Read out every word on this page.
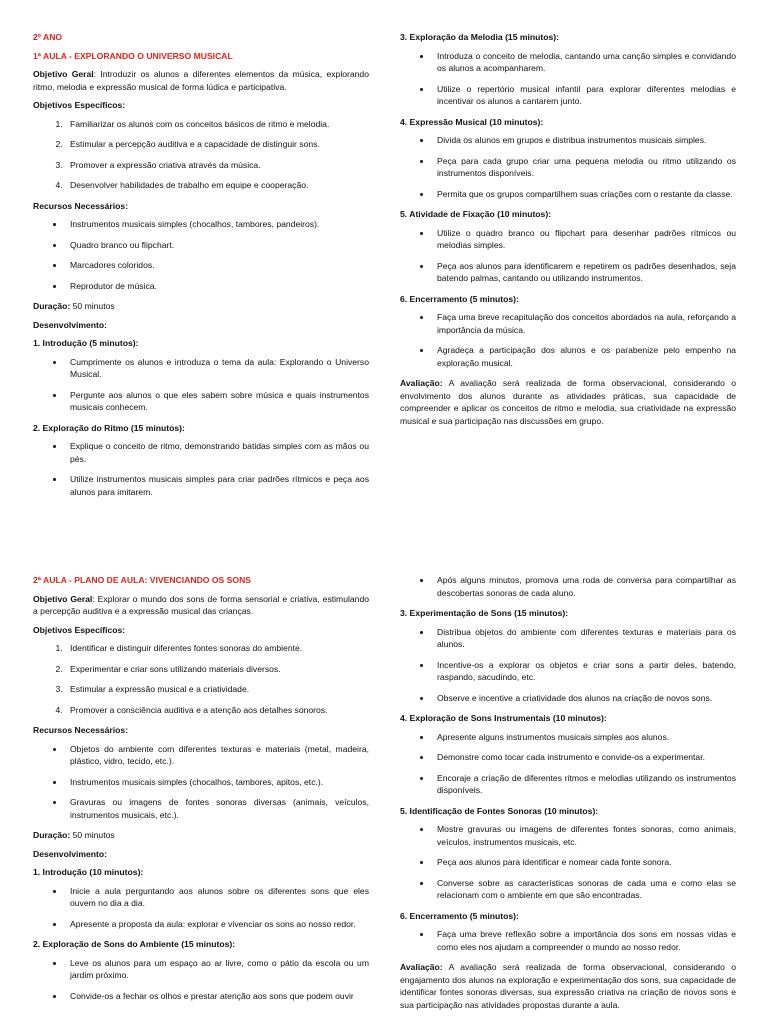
2º ANO

1ª AULA - EXPLORANDO O UNIVERSO MUSICAL

Objetivo Geral: Introduzir os alunos a diferentes elementos da música, explorando ritmo, melodia e expressão musical de forma lúdica e participativa.

Objetivos Específicos:

1. Familiarizar os alunos com os conceitos básicos de ritmo e melodia.
2. Estimular a percepção auditiva e a capacidade de distinguir sons.
3. Promover a expressão criativa através da música.
4. Desenvolver habilidades de trabalho em equipe e cooperação.

Recursos Necessários:

• Instrumentos musicais simples (chocalhos, tambores, pandeiros).
• Quadro branco ou flipchart.
• Marcadores coloridos.
• Reprodutor de música.

Duração: 50 minutos

Desenvolvimento:

1. Introdução (5 minutos):

• Cumprimente os alunos e introduza o tema da aula: Explorando o Universo Musical.
• Pergunte aos alunos o que eles sabem sobre música e quais instrumentos musicais conhecem.

2. Exploração do Ritmo (15 minutos):

• Explique o conceito de ritmo, demonstrando batidas simples com as mãos ou pés.
• Utilize instrumentos musicais simples para criar padrões rítmicos e peça aos alunos para imitarem.

3. Exploração da Melodia (15 minutos):

• Introduza o conceito de melodia, cantando uma canção simples e convidando os alunos a acompanharem.
• Utilize o repertório musical infantil para explorar diferentes melodias e incentivar os alunos a cantarem junto.

4. Expressão Musical (10 minutos):

• Divida os alunos em grupos e distribua instrumentos musicais simples.
• Peça para cada grupo criar uma pequena melodia ou ritmo utilizando os instrumentos disponíveis.
• Permita que os grupos compartilhem suas criações com o restante da classe.

5. Atividade de Fixação (10 minutos):

• Utilize o quadro branco ou flipchart para desenhar padrões rítmicos ou melodias simples.
• Peça aos alunos para identificarem e repetirem os padrões desenhados, seja batendo palmas, cantando ou utilizando instrumentos.

6. Encerramento (5 minutos):

• Faça uma breve recapitulação dos conceitos abordados na aula, reforçando a importância da música.
• Agradeça a participação dos alunos e os parabenize pelo empenho na exploração musical.

Avaliação: A avaliação será realizada de forma observacional, considerando o envolvimento dos alunos durante as atividades práticas, sua capacidade de compreender e aplicar os conceitos de ritmo e melodia, sua criatividade na expressão musical e sua participação nas discussões em grupo.

2ª AULA - PLANO DE AULA: VIVENCIANDO OS SONS

Objetivo Geral: Explorar o mundo dos sons de forma sensorial e criativa, estimulando a percepção auditiva e a expressão musical das crianças.

Objetivos Específicos:

1. Identificar e distinguir diferentes fontes sonoras do ambiente.
2. Experimentar e criar sons utilizando materiais diversos.
3. Estimular a expressão musical e a criatividade.
4. Promover a consciência auditiva e a atenção aos detalhes sonoros.

Recursos Necessários:

• Objetos do ambiente com diferentes texturas e materiais (metal, madeira, plástico, vidro, tecido, etc.).
• Instrumentos musicais simples (chocalhos, tambores, apitos, etc.).
• Gravuras ou imagens de fontes sonoras diversas (animais, veículos, instrumentos musicais, etc.).

Duração: 50 minutos

Desenvolvimento:

1. Introdução (10 minutos):

• Inicie a aula perguntando aos alunos sobre os diferentes sons que eles ouvem no dia a dia.
• Apresente a proposta da aula: explorar e vivenciar os sons ao nosso redor.

2. Exploração de Sons do Ambiente (15 minutos):

• Leve os alunos para um espaço ao ar livre, como o pátio da escola ou um jardim próximo.
• Convide-os a fechar os olhos e prestar atenção aos sons que podem ouvir
• Após alguns minutos, promova uma roda de conversa para compartilhar as descobertas sonoras de cada aluno.

3. Experimentação de Sons (15 minutos):

• Distribua objetos do ambiente com diferentes texturas e materiais para os alunos.
• Incentive-os a explorar os objetos e criar sons a partir deles, batendo, raspando, sacudindo, etc.
• Observe e incentive a criatividade dos alunos na criação de novos sons.

4. Exploração de Sons Instrumentais (10 minutos):

• Apresente alguns instrumentos musicais simples aos alunos.
• Demonstre como tocar cada instrumento e convide-os a experimentar.
• Encoraje a criação de diferentes ritmos e melodias utilizando os instrumentos disponíveis.

5. Identificação de Fontes Sonoras (10 minutos):

• Mostre gravuras ou imagens de diferentes fontes sonoras, como animais, veículos, instrumentos musicais, etc.
• Peça aos alunos para identificar e nomear cada fonte sonora.
• Converse sobre as características sonoras de cada uma e como elas se relacionam com o ambiente em que são encontradas.

6. Encerramento (5 minutos):

• Faça uma breve reflexão sobre a importância dos sons em nossas vidas e como eles nos ajudam a compreender o mundo ao nosso redor.

Avaliação: A avaliação será realizada de forma observacional, considerando o engajamento dos alunos na exploração e experimentação dos sons, sua capacidade de identificar fontes sonoras diversas, sua expressão criativa na criação de novos sons e sua participação nas atividades propostas durante a aula.
